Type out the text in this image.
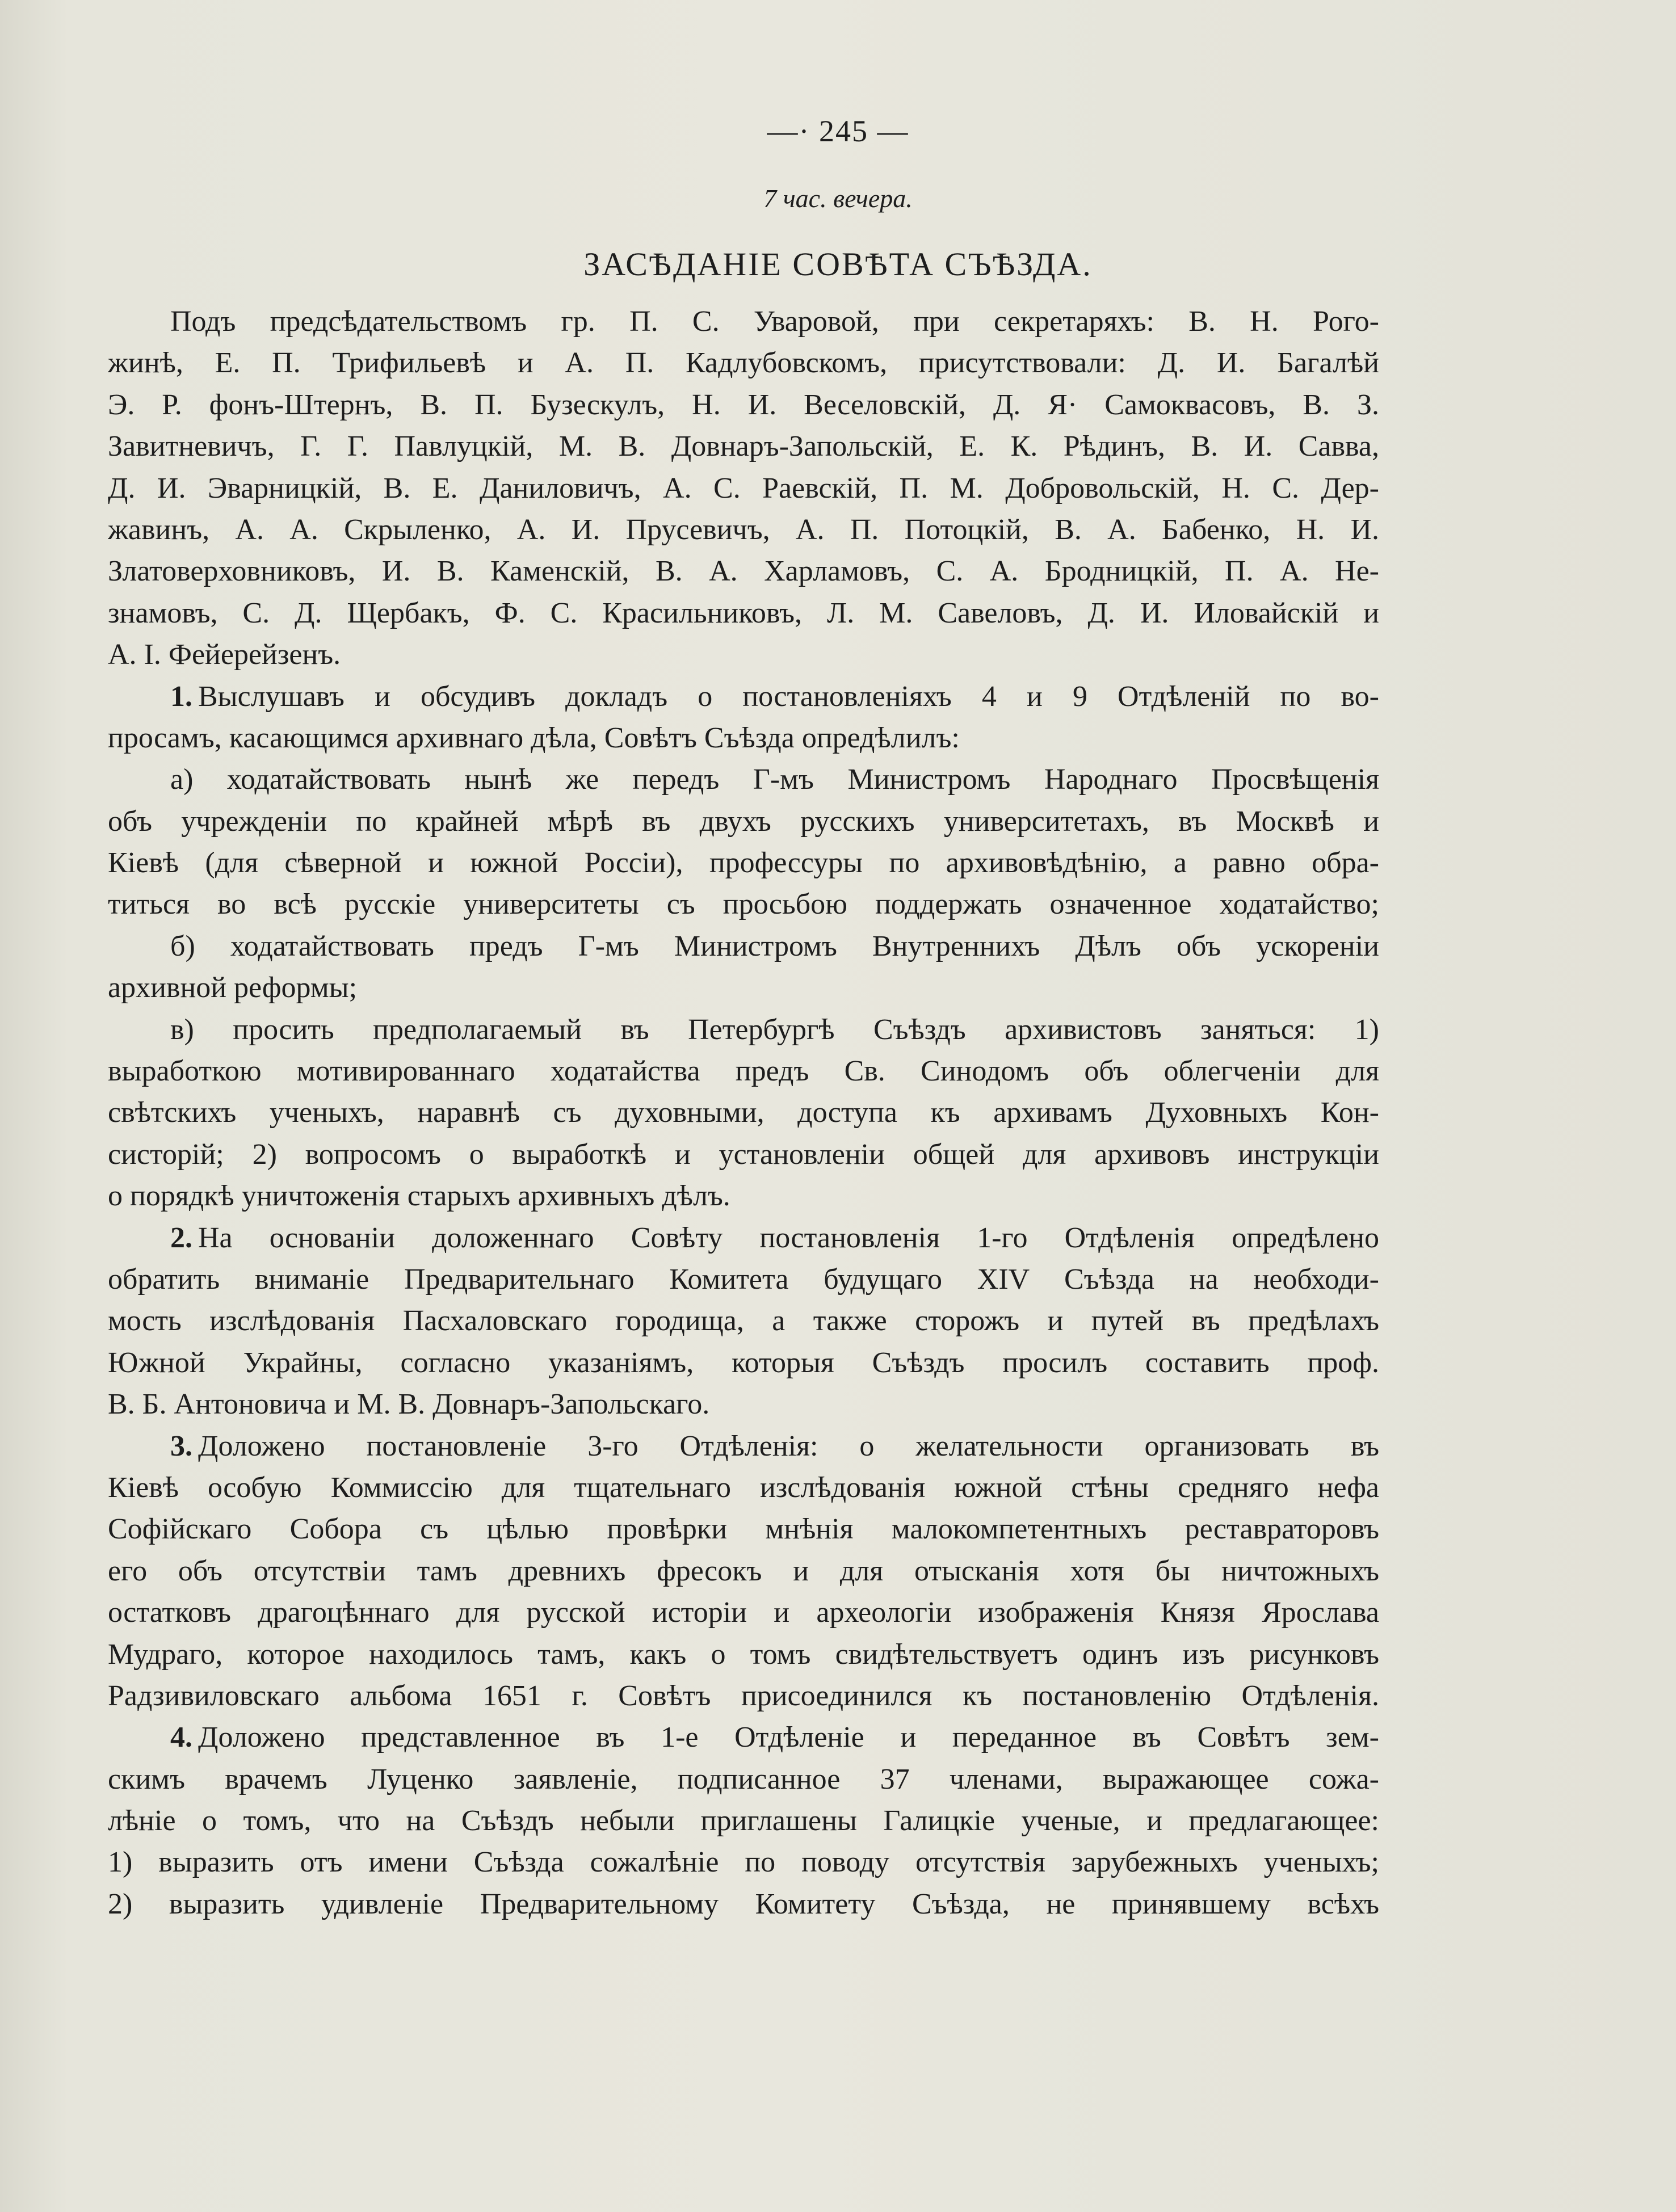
—· 245 —
7 час. вечера.
ЗАСѢДАНІЕ СОВѢТА СЪѢЗДА.
Подъ предсѣдательствомъ гр. П. С. Уваровой, при секретаряхъ: В. Н. Рого-
жинѣ, Е. П. Трифильевѣ и А. П. Кадлубовскомъ, присутствовали: Д. И. Багалѣй
Э. Р. фонъ-Штернъ, В. П. Бузескулъ, Н. И. Веселовскій, Д. Я· Самоквасовъ, В. З.
Завитневичъ, Г. Г. Павлуцкій, М. В. Довнаръ-Запольскій, Е. К. Рѣдинъ, В. И. Савва,
Д. И. Эварницкій, В. Е. Даниловичъ, А. С. Раевскій, П. М. Добровольскій, Н. С. Дер-
жавинъ, А. А. Скрыленко, А. И. Прусевичъ, А. П. Потоцкій, В. А. Бабенко, Н. И.
Златоверховниковъ, И. В. Каменскій, В. А. Харламовъ, С. А. Бродницкій, П. А. Не-
знамовъ, С. Д. Щербакъ, Ф. С. Красильниковъ, Л. М. Савеловъ, Д. И. Иловайскій и
А. І. Фейерейзенъ.
1. Выслушавъ и обсудивъ докладъ о постановленіяхъ 4 и 9 Отдѣленій по во-
просамъ, касающимся архивнаго дѣла, Совѣтъ Съѣзда опредѣлилъ:
а) ходатайствовать нынѣ же передъ Г-мъ Министромъ Народнаго Просвѣщенія
объ учрежденіи по крайней мѣрѣ въ двухъ русскихъ университетахъ, въ Москвѣ и
Кіевѣ (для сѣверной и южной Россіи), профессуры по архивовѣдѣнію, а равно обра-
титься во всѣ русскіе университеты съ просьбою поддержать означенное ходатайство;
б) ходатайствовать предъ Г-мъ Министромъ Внутреннихъ Дѣлъ объ ускореніи
архивной реформы;
в) просить предполагаемый въ Петербургѣ Съѣздъ архивистовъ заняться: 1)
выработкою мотивированнаго ходатайства предъ Св. Синодомъ объ облегченіи для
свѣтскихъ ученыхъ, наравнѣ съ духовными, доступа къ архивамъ Духовныхъ Кон-
систорій; 2) вопросомъ о выработкѣ и установленіи общей для архивовъ инструкціи
о порядкѣ уничтоженія старыхъ архивныхъ дѣлъ.
2. На основаніи доложеннаго Совѣту постановленія 1-го Отдѣленія опредѣлено
обратить вниманіе Предварительнаго Комитета будущаго XIV Съѣзда на необходи-
мость изслѣдованія Пасхаловскаго городища, а также сторожъ и путей въ предѣлахъ
Южной Украйны, согласно указаніямъ, которыя Съѣздъ просилъ составить проф.
В. Б. Антоновича и М. В. Довнаръ-Запольскаго.
3. Доложено постановленіе 3-го Отдѣленія: о желательности организовать въ
Кіевѣ особую Коммиссію для тщательнаго изслѣдованія южной стѣны средняго нефа
Софійскаго Собора съ цѣлью провѣрки мнѣнія малокомпетентныхъ реставраторовъ
его объ отсутствіи тамъ древнихъ фресокъ и для отысканія хотя бы ничтожныхъ
остатковъ драгоцѣннаго для русской исторіи и археологіи изображенія Князя Ярослава
Мудраго, которое находилось тамъ, какъ о томъ свидѣтельствуетъ одинъ изъ рисунковъ
Радзивиловскаго альбома 1651 г. Совѣтъ присоединился къ постановленію Отдѣленія.
4. Доложено представленное въ 1-е Отдѣленіе и переданное въ Совѣтъ зем-
скимъ врачемъ Луценко заявленіе, подписанное 37 членами, выражающее сожа-
лѣніе о томъ, что на Съѣздъ небыли приглашены Галицкіе ученые, и предлагающее:
1) выразить отъ имени Съѣзда сожалѣніе по поводу отсутствія зарубежныхъ ученыхъ;
2) выразить удивленіе Предварительному Комитету Съѣзда, не принявшему всѣхъ
